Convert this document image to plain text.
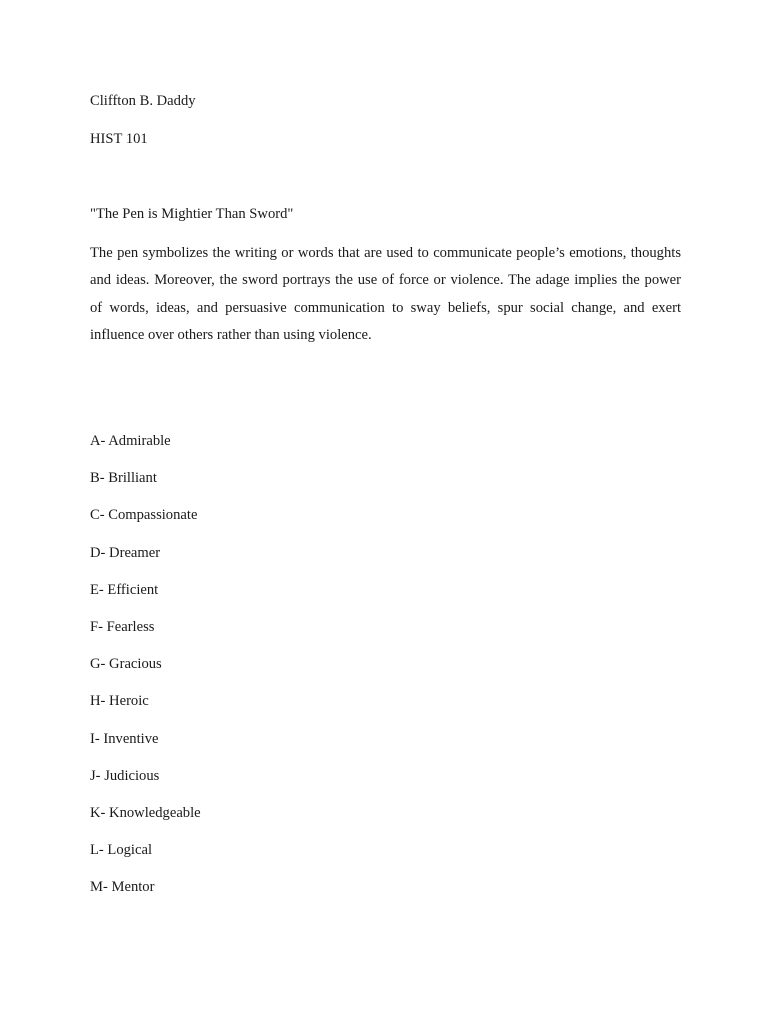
Cliffton B. Daddy
HIST 101
"The Pen is Mightier Than Sword"
The pen symbolizes the writing or words that are used to communicate people’s emotions, thoughts
and ideas. Moreover, the sword portrays the use of force or violence. The adage implies the power
of words, ideas, and persuasive communication to sway beliefs, spur social change, and exert
influence over others rather than using violence.
A- Admirable
B- Brilliant
C- Compassionate
D- Dreamer
E- Efficient
F- Fearless
G- Gracious
H- Heroic
I- Inventive
J- Judicious
K- Knowledgeable
L- Logical
M- Mentor
